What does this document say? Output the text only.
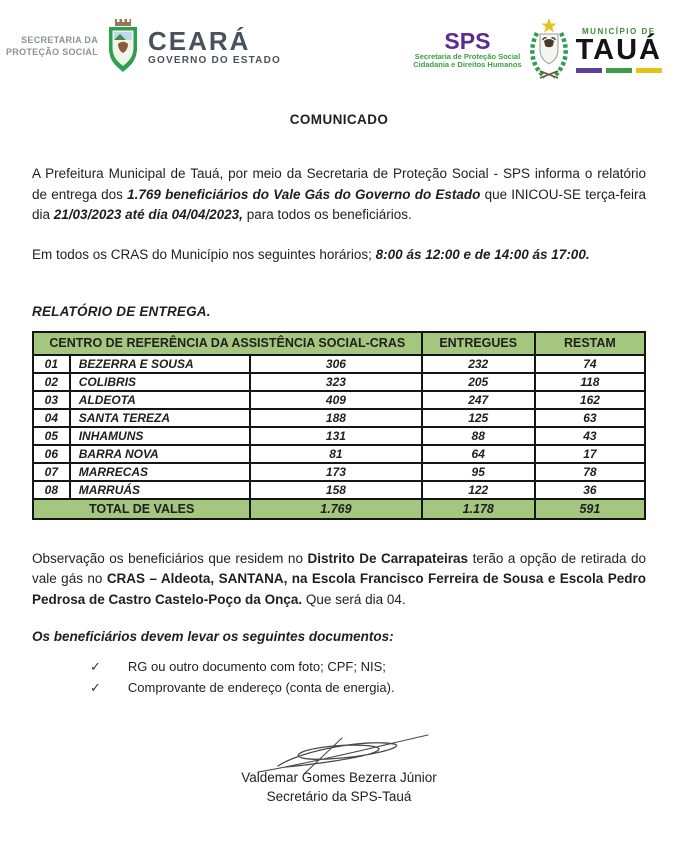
SECRETARIA DA
PROTEÇÃO SOCIAL CEARÁ
GOVERNO DO ESTADO
SPS
Secretaria de Proteção Social
Cidadania e Direitos Humanos
MUNICÍPIO DE
TAUÁ
COMUNICADO

A Prefeitura Municipal de Tauá, por meio da Secretaria de Proteção Social - SPS informa o relatório de entrega dos 1.769 beneficiários do Vale Gás do Governo do Estado que INICOU-SE terça-feira dia 21/03/2023 até dia 04/04/2023, para todos os beneficiários.

Em todos os CRAS do Município nos seguintes horários; 8:00 ás 12:00 e de 14:00 ás 17:00.

RELATÓRIO DE ENTREGA.
CENTRO DE REFERÊNCIA DA ASSISTÊNCIA SOCIAL-CRAS			ENTREGUES	RESTAM
01	BEZERRA E SOUSA	306	232	74
02	COLIBRIS	323	205	118
03	ALDEOTA	409	247	162
04	SANTA TEREZA	188	125	63
05	INHAMUNS	131	88	43
06	BARRA NOVA	81	64	17
07	MARRECAS	173	95	78
08	MARRUÁS	158	122	36
TOTAL DE VALES		1.769	1.178	591

Observação os beneficiários que residem no Distrito De Carrapateiras terão a opção de retirada do vale gás no CRAS – Aldeota, SANTANA, na Escola Francisco Ferreira de Sousa e Escola Pedro Pedrosa de Castro Castelo-Poço da Onça. Que será dia 04.

Os beneficiários devem levar os seguintes documentos:
✓ RG ou outro documento com foto; CPF; NIS;
✓ Comprovante de endereço (conta de energia).
Valdemar Gomes Bezerra Júnior
Secretário da SPS-Tauá
